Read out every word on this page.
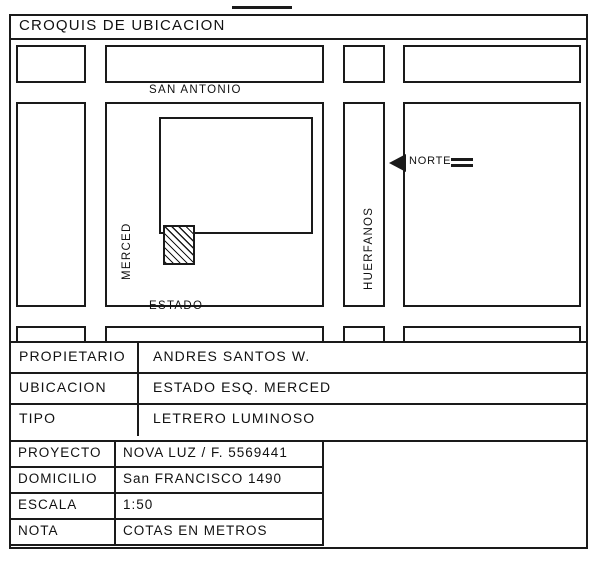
CROQUIS DE UBICACION
SAN ANTONIO
ESTADO
MERCED	HUERFANOS
NORTE
PROPIETARIO ANDRES SANTOS W.
UBICACION	ESTADO ESQ. MERCED
TIPO	LETRERO LUMINOSO
PROYECTO NOVA LUZ / F. 5569441
DOMICILIO San FRANCISCO 1490
ESCALA	1:50
NOTA	COTAS EN METROS
